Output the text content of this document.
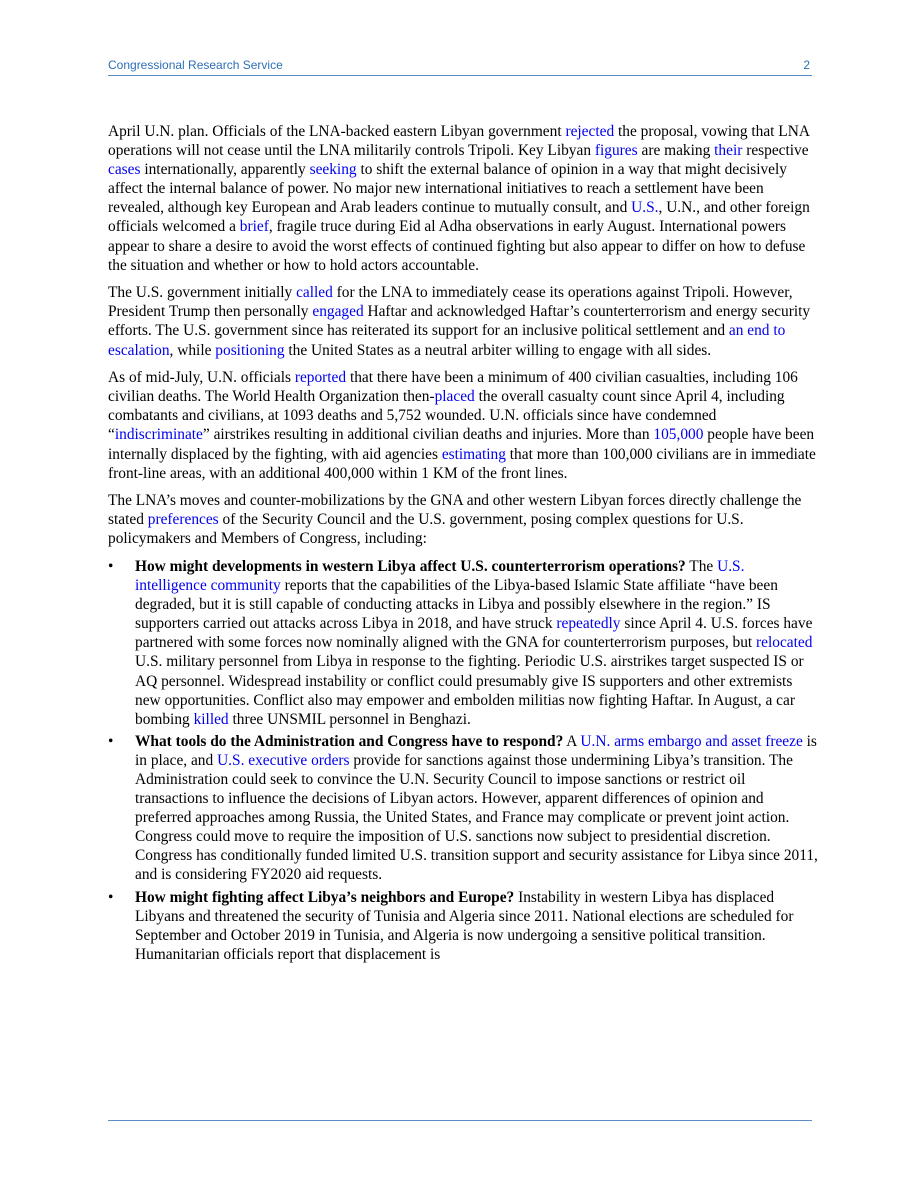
Congressional Research Service	2

April U.N. plan. Officials of the LNA-backed eastern Libyan government rejected the proposal, vowing that LNA operations will not cease until the LNA militarily controls Tripoli. Key Libyan figures are making their respective cases internationally, apparently seeking to shift the external balance of opinion in a way that might decisively affect the internal balance of power. No major new international initiatives to reach a settlement have been revealed, although key European and Arab leaders continue to mutually consult, and U.S., U.N., and other foreign officials welcomed a brief, fragile truce during Eid al Adha observations in early August. International powers appear to share a desire to avoid the worst effects of continued fighting but also appear to differ on how to defuse the situation and whether or how to hold actors accountable.

The U.S. government initially called for the LNA to immediately cease its operations against Tripoli. However, President Trump then personally engaged Haftar and acknowledged Haftar’s counterterrorism and energy security efforts. The U.S. government since has reiterated its support for an inclusive political settlement and an end to escalation, while positioning the United States as a neutral arbiter willing to engage with all sides.

As of mid-July, U.N. officials reported that there have been a minimum of 400 civilian casualties, including 106 civilian deaths. The World Health Organization then-placed the overall casualty count since April 4, including combatants and civilians, at 1093 deaths and 5,752 wounded. U.N. officials since have condemned “indiscriminate” airstrikes resulting in additional civilian deaths and injuries. More than 105,000 people have been internally displaced by the fighting, with aid agencies estimating that more than 100,000 civilians are in immediate front-line areas, with an additional 400,000 within 1 KM of the front lines.

The LNA’s moves and counter-mobilizations by the GNA and other western Libyan forces directly challenge the stated preferences of the Security Council and the U.S. government, posing complex questions for U.S. policymakers and Members of Congress, including:

• How might developments in western Libya affect U.S. counterterrorism operations? The U.S. intelligence community reports that the capabilities of the Libya-based Islamic State affiliate “have been degraded, but it is still capable of conducting attacks in Libya and possibly elsewhere in the region.” IS supporters carried out attacks across Libya in 2018, and have struck repeatedly since April 4. U.S. forces have partnered with some forces now nominally aligned with the GNA for counterterrorism purposes, but relocated U.S. military personnel from Libya in response to the fighting. Periodic U.S. airstrikes target suspected IS or AQ personnel. Widespread instability or conflict could presumably give IS supporters and other extremists new opportunities. Conflict also may empower and embolden militias now fighting Haftar. In August, a car bombing killed three UNSMIL personnel in Benghazi.
• What tools do the Administration and Congress have to respond? A U.N. arms embargo and asset freeze is in place, and U.S. executive orders provide for sanctions against those undermining Libya’s transition. The Administration could seek to convince the U.N. Security Council to impose sanctions or restrict oil transactions to influence the decisions of Libyan actors. However, apparent differences of opinion and preferred approaches among Russia, the United States, and France may complicate or prevent joint action. Congress could move to require the imposition of U.S. sanctions now subject to presidential discretion. Congress has conditionally funded limited U.S. transition support and security assistance for Libya since 2011, and is considering FY2020 aid requests.
• How might fighting affect Libya’s neighbors and Europe? Instability in western Libya has displaced Libyans and threatened the security of Tunisia and Algeria since 2011. National elections are scheduled for September and October 2019 in Tunisia, and Algeria is now undergoing a sensitive political transition. Humanitarian officials report that displacement is
